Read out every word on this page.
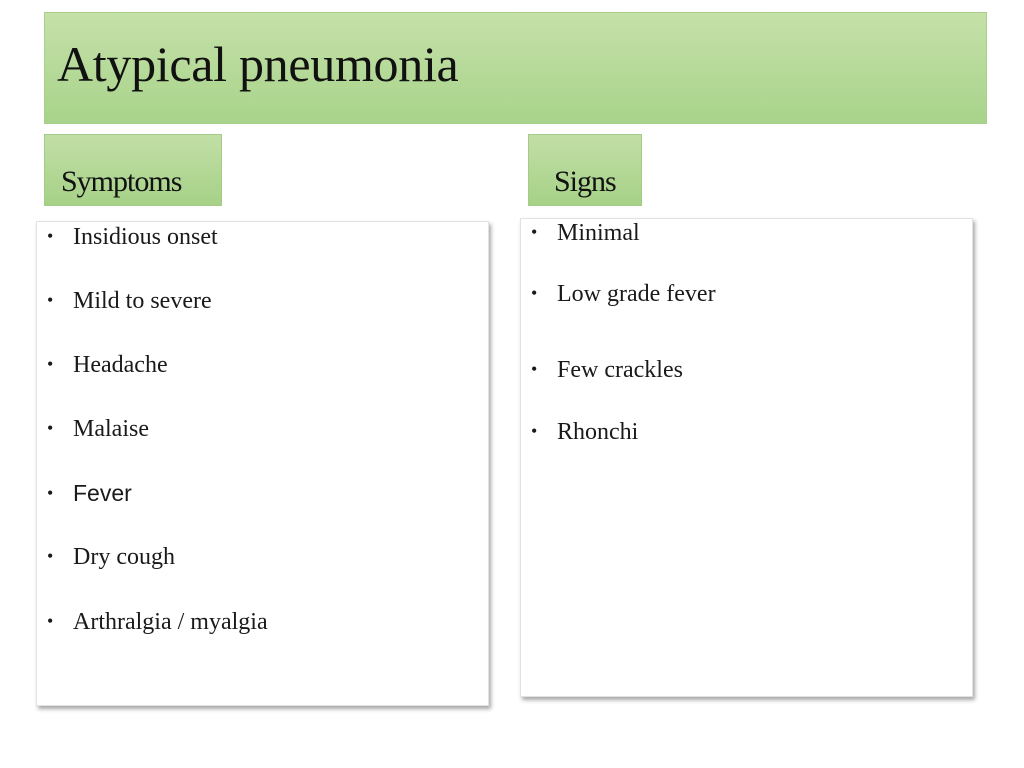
Atypical pneumonia
Symptoms	Signs
• Insidious onset
• Mild to severe
• Headache
• Malaise
• Fever
• Dry cough
• Arthralgia / myalgia
• Minimal
• Low grade fever
• Few crackles
• Rhonchi
